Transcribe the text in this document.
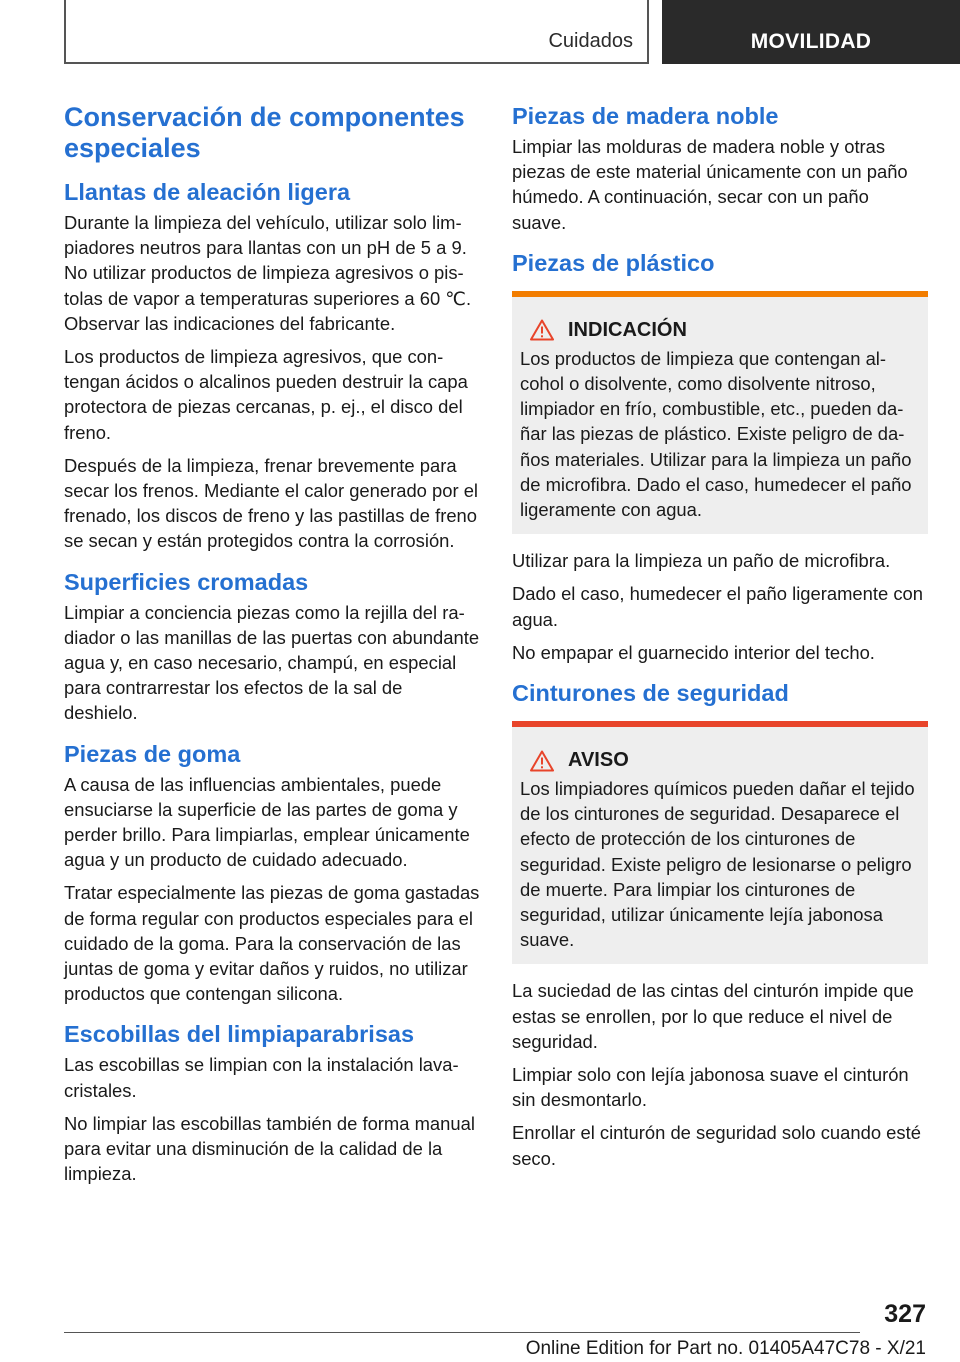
Cuidados	MOVILIDAD
Conservación de componentes especiales
Llantas de aleación ligera

Durante la limpieza del vehículo, utilizar solo limpiadores neutros para llantas con un pH de 5 a 9. No utilizar productos de limpieza agresivos o pistolas de vapor a temperaturas superiores a 60 ℃. Observar las indicaciones del fabricante.

Los productos de limpieza agresivos, que contengan ácidos o alcalinos pueden destruir la capa protectora de piezas cercanas, p. ej., el disco del freno.

Después de la limpieza, frenar brevemente para secar los frenos. Mediante el calor generado por el frenado, los discos de freno y las pastillas de freno se secan y están protegidos contra la corrosión.

Superficies cromadas

Limpiar a conciencia piezas como la rejilla del radiador o las manillas de las puertas con abundante agua y, en caso necesario, champú, en especial para contrarrestar los efectos de la sal de deshielo.

Piezas de goma

A causa de las influencias ambientales, puede ensuciarse la superficie de las partes de goma y perder brillo. Para limpiarlas, emplear únicamente agua y un producto de cuidado adecuado.

Tratar especialmente las piezas de goma gastadas de forma regular con productos especiales para el cuidado de la goma. Para la conservación de las juntas de goma y evitar daños y ruidos, no utilizar productos que contengan silicona.

Escobillas del limpiaparabrisas

Las escobillas se limpian con la instalación lavacristales.

No limpiar las escobillas también de forma manual para evitar una disminución de la calidad de la limpieza.

Piezas de madera noble

Limpiar las molduras de madera noble y otras piezas de este material únicamente con un paño húmedo. A continuación, secar con un paño suave.

Piezas de plástico
INDICACIÓN

Los productos de limpieza que contengan alcohol o disolvente, como disolvente nitroso, limpiador en frío, combustible, etc., pueden dañar las piezas de plástico. Existe peligro de daños materiales. Utilizar para la limpieza un paño de microfibra. Dado el caso, humedecer el paño ligeramente con agua.

Utilizar para la limpieza un paño de microfibra.

Dado el caso, humedecer el paño ligeramente con agua.

No empapar el guarnecido interior del techo.

Cinturones de seguridad
AVISO

Los limpiadores químicos pueden dañar el tejido de los cinturones de seguridad. Desaparece el efecto de protección de los cinturones de seguridad. Existe peligro de lesionarse o peligro de muerte. Para limpiar los cinturones de seguridad, utilizar únicamente lejía jabonosa suave.

La suciedad de las cintas del cinturón impide que estas se enrollen, por lo que reduce el nivel de seguridad.

Limpiar solo con lejía jabonosa suave el cinturón sin desmontarlo.

Enrollar el cinturón de seguridad solo cuando esté seco.

327
Online Edition for Part no. 01405A47C78 - X/21
